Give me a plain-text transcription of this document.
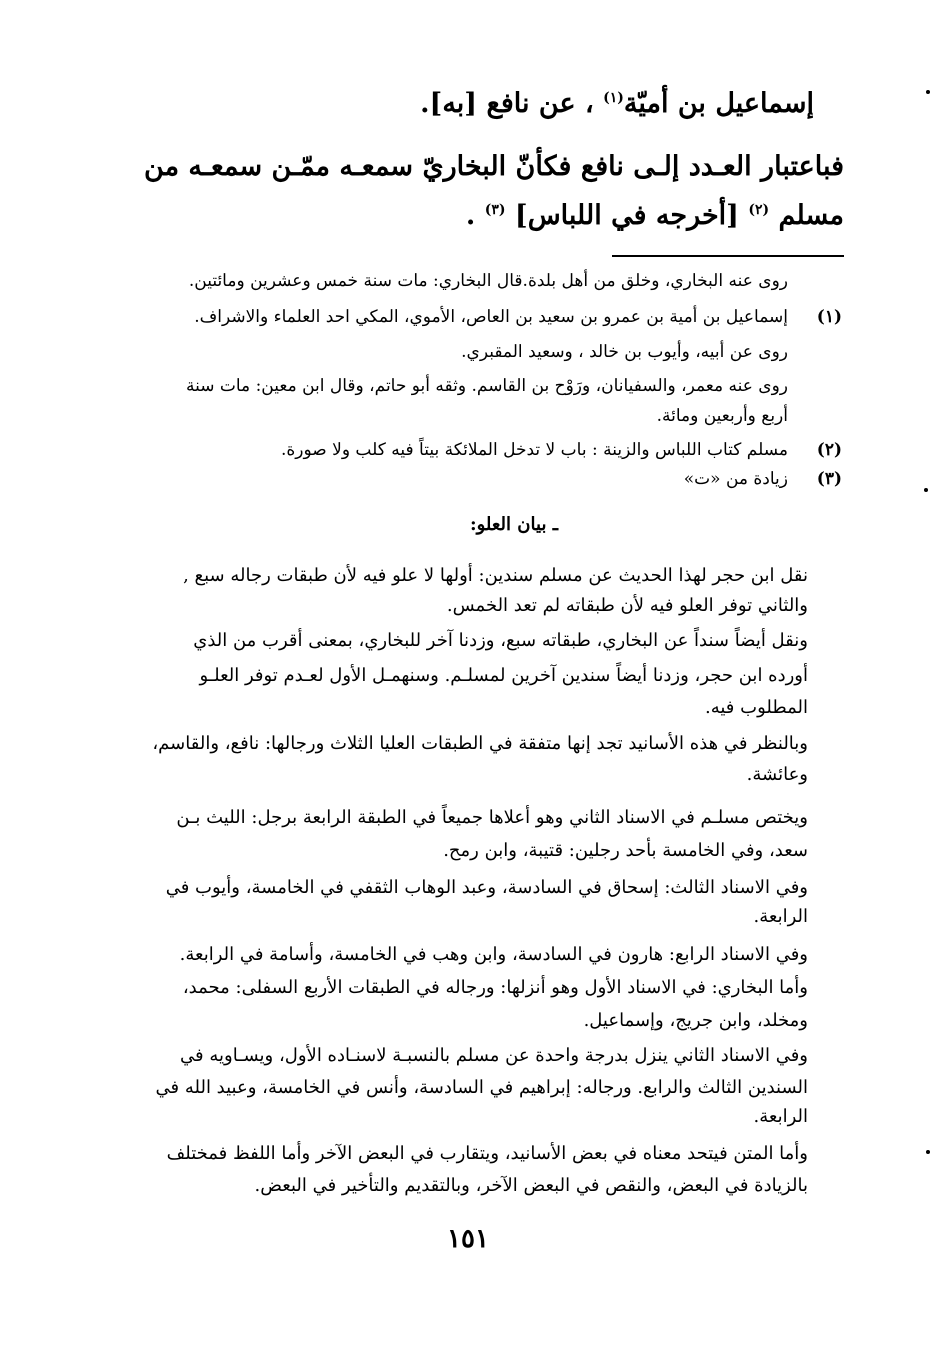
إسماعيل بن أميّة$^{(١)}$ ، عن نافع [به].
فباعتبار العـدد إلـى نافع فكأنّ البخاريّ سمعـه ممّـن سمعـه من
مسلم $^{(٢)}$ [أخرجه في اللباس] $^{(٣)}$ .
روى عنه البخاري، وخلق من أهل بلدة.قال البخاري: مات سنة خمس وعشرين ومائتين.
(١)
إسماعيل بن أمية بن عمرو بن سعيد بن العاص، الأموي، المكي احد العلماء والاشراف.
روى عن أبيه، وأيوب بن خالد ، وسعيد المقبري.
روى عنه معمر، والسفيانان، ورَوْح بن القاسم. وثقه أبو حاتم، وقال ابن معين: مات سنة
أربع وأربعين ومائة.
(٢)
مسلم كتاب اللباس والزينة : باب لا تدخل الملائكة بيتاً فيه كلب ولا صورة.
(٣)
زيادة من «ت»
ـ بيان العلو:
نقل ابن حجر لهذا الحديث عن مسلم سندين: أولها لا علو فيه لأن طبقات رجاله سبع ,
والثاني توفر العلو فيه لأن طبقاته لم تعد الخمس.
ونقل أيضاً سنداً عن البخاري، طبقاته سبع، وزدنا آخر للبخاري، بمعنى أقرب من الذي
أورده ابن حجر، وزدنا أيضاً سندين آخرين لمسلـم. وسنهمـل الأول لعـدم توفر العلـو
المطلوب فيه.
وبالنظر في هذه الأسانيد تجد إنها متفقة في الطبقات العليا الثلاث ورجالها: نافع، والقاسم،
وعائشة.
ويختص مسلـم في الاسناد الثاني وهو أعلاها جميعاً في الطبقة الرابعة برجل: الليث بـن
سعد، وفي الخامسة بأحد رجلين: قتيبة، وابن رمح.
وفي الاسناد الثالث: إسحاق في السادسة، وعبد الوهاب الثقفي في الخامسة، وأيوب في
الرابعة.
وفي الاسناد الرابع: هارون في السادسة، وابن وهب في الخامسة، وأسامة في الرابعة.
وأما البخاري: في الاسناد الأول وهو أنزلها: ورجاله في الطبقات الأربع السفلى: محمد،
ومخلد، وابن جريج، وإسماعيل.
وفي الاسناد الثاني ينزل بدرجة واحدة عن مسلم بالنسبـة لاسنـاده الأول، ويسـاويه في
السندين الثالث والرابع. ورجاله: إبراهيم في السادسة، وأنس في الخامسة، وعبيد الله في
الرابعة.
وأما المتن فيتحد معناه في بعض الأسانيد، ويتقارب في البعض الآخر وأما اللفظ فمختلف
بالزيادة في البعض، والنقص في البعض الآخر، وبالتقديم والتأخير في البعض.
١٥١
